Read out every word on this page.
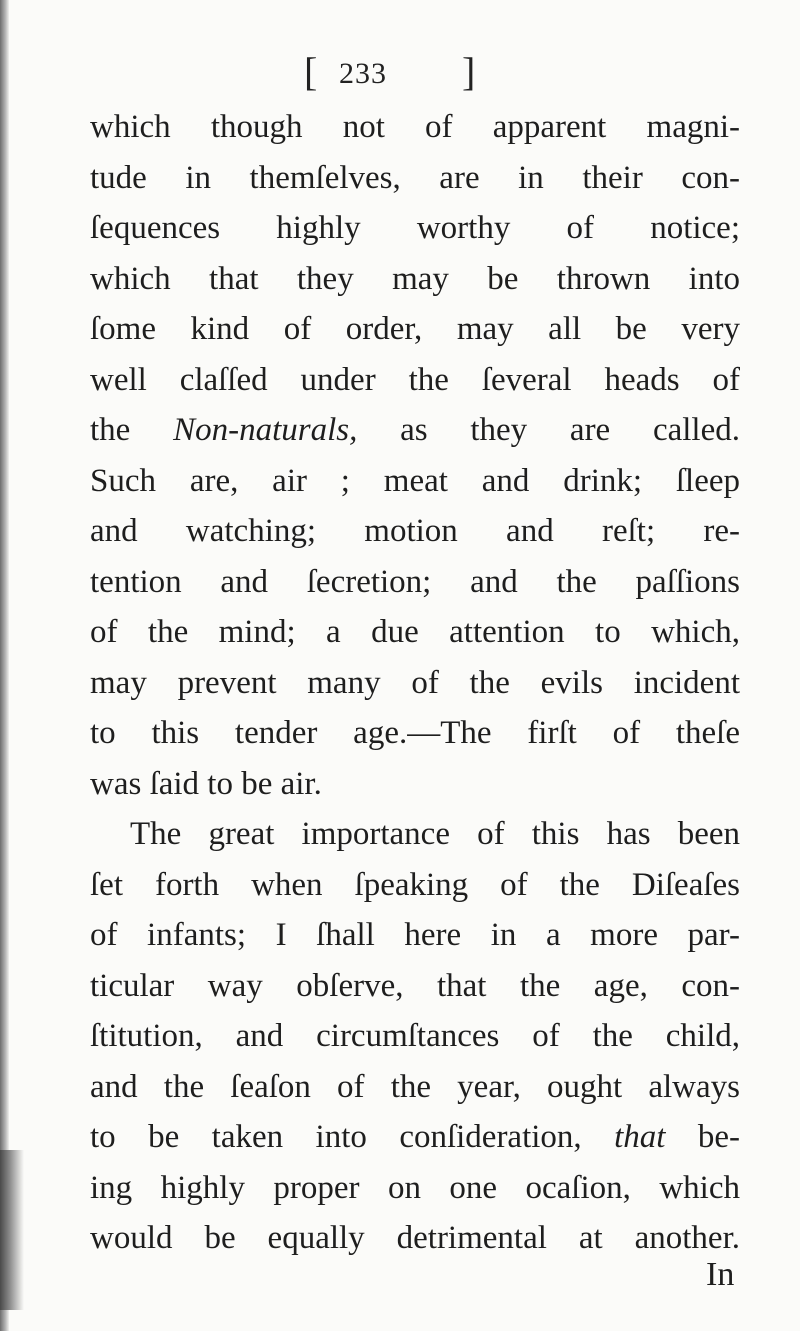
[ 233 ]
which though not of apparent magni-
tude in themſelves, are in their con-
ſequences highly worthy of notice;
which that they may be thrown into
ſome kind of order, may all be very
well claſſed under the ſeveral heads of
the Non-naturals, as they are called.
Such are, air ; meat and drink; ſleep
and watching; motion and reſt; re-
tention and ſecretion; and the paſſions
of the mind; a due attention to which,
may prevent many of the evils incident
to this tender age.—The firſt of theſe
was ſaid to be air.
The great importance of this has been
ſet forth when ſpeaking of the Diſeaſes
of infants; I ſhall here in a more par-
ticular way obſerve, that the age, con-
ſtitution, and circumſtances of the child,
and the ſeaſon of the year, ought always
to be taken into conſideration, that be-
ing highly proper on one ocaſion, which
would be equally detrimental at another.
In
